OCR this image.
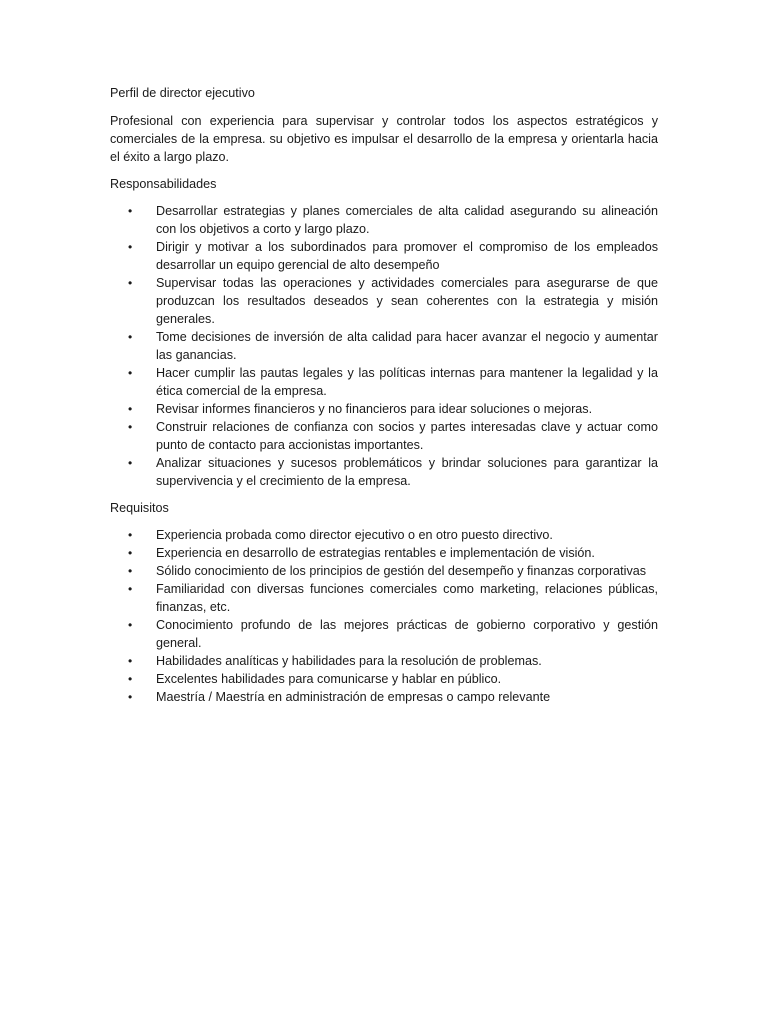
Perfil de director ejecutivo

Profesional con experiencia para supervisar y controlar todos los aspectos estratégicos y comerciales de la empresa. su objetivo es impulsar el desarrollo de la empresa y orientarla hacia el éxito a largo plazo.

Responsabilidades

• Desarrollar estrategias y planes comerciales de alta calidad asegurando su alineación con los objetivos a corto y largo plazo.
• Dirigir y motivar a los subordinados para promover el compromiso de los empleados desarrollar un equipo gerencial de alto desempeño
• Supervisar todas las operaciones y actividades comerciales para asegurarse de que produzcan los resultados deseados y sean coherentes con la estrategia y misión generales.
• Tome decisiones de inversión de alta calidad para hacer avanzar el negocio y aumentar las ganancias.
• Hacer cumplir las pautas legales y las políticas internas para mantener la legalidad y la ética comercial de la empresa.
• Revisar informes financieros y no financieros para idear soluciones o mejoras.
• Construir relaciones de confianza con socios y partes interesadas clave y actuar como punto de contacto para accionistas importantes.
• Analizar situaciones y sucesos problemáticos y brindar soluciones para garantizar la supervivencia y el crecimiento de la empresa.

Requisitos

• Experiencia probada como director ejecutivo o en otro puesto directivo.
• Experiencia en desarrollo de estrategias rentables e implementación de visión.
• Sólido conocimiento de los principios de gestión del desempeño y finanzas corporativas
• Familiaridad con diversas funciones comerciales como marketing, relaciones públicas, finanzas, etc.
• Conocimiento profundo de las mejores prácticas de gobierno corporativo y gestión general.
• Habilidades analíticas y habilidades para la resolución de problemas.
• Excelentes habilidades para comunicarse y hablar en público.
• Maestría / Maestría en administración de empresas o campo relevante
